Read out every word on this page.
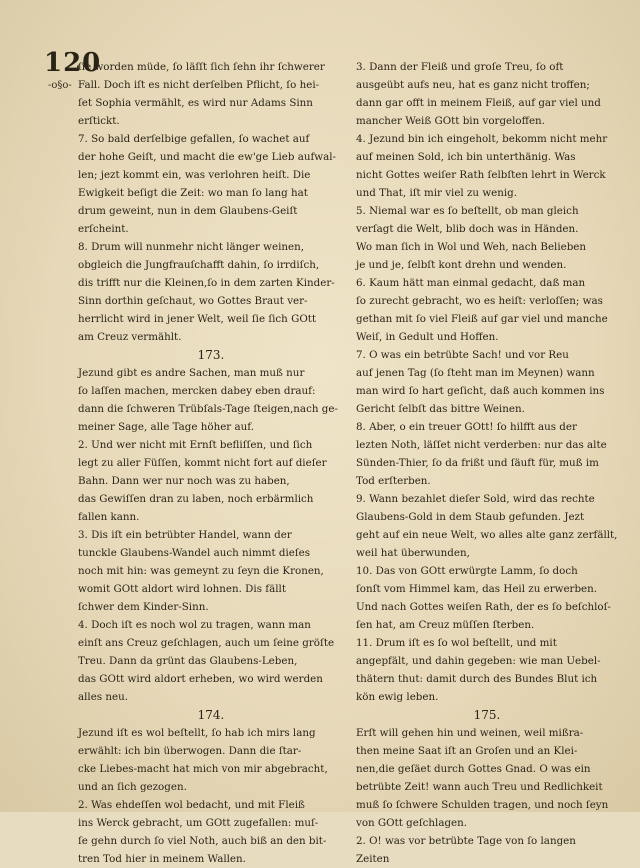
120
-o§o-
ſie worden müde, ſo läſſt ſich ſehn ihr ſchwerer
Fall. Doch iſt es nicht derſelben Pflicht, ſo hei-
ſet Sophia vermählt, es wird nur Adams Sinn
erſtickt.
7. So bald derſelbige gefallen, ſo wachet auf
der hohe Geiſt, und macht die ew'ge Lieb aufwal-
len; jezt kommt ein, was verlohren heiſt. Die
Ewigkeit beſigt die Zeit: wo man ſo lang hat
drum geweint, nun in dem Glaubens-Geiſt
erſcheint.
8. Drum will nunmehr nicht länger weinen,
obgleich die Jungfrauſchafft dahin, ſo irrdiſch,
dis trifft nur die Kleinen,ſo in dem zarten Kinder-
Sinn dorthin geſchaut, wo Gottes Braut ver-
herrlicht wird in jener Welt, weil ſie ſich GOtt
am Creuz vermählt.
173.
Jezund gibt es andre Sachen, man muß nur
ſo laſſen machen, mercken dabey eben drauf:
dann die ſchweren Trübſals-Tage ſteigen,nach ge-
meiner Sage, alle Tage höher auf.
2. Und wer nicht mit Ernſt befliſſen, und ſich
legt zu aller Füſſen, kommt nicht fort auf dieſer
Bahn. Dann wer nur noch was zu haben,
das Gewiſſen dran zu laben, noch erbärmlich
fallen kann.
3. Dis iſt ein betrübter Handel, wann der
tunckle Glaubens-Wandel auch nimmt dieſes
noch mit hin: was gemeynt zu ſeyn die Kronen,
womit GOtt aldort wird lohnen. Dis fällt
ſchwer dem Kinder-Sinn.
4. Doch iſt es noch wol zu tragen, wann man
einſt ans Creuz geſchlagen, auch um ſeine gröſte
Treu. Dann da grünt das Glaubens-Leben,
das GOtt wird aldort erheben, wo wird werden
alles neu.
174.
Jezund iſt es wol beſtellt, ſo hab ich mirs lang
erwählt: ich bin überwogen. Dann die ſtar-
cke Liebes-macht hat mich von mir abgebracht,
und an ſich gezogen.
2. Was ehdeſſen wol bedacht, und mit Fleiß
ins Werck gebracht, um GOtt zugefallen: muſ-
ſe gehn durch ſo viel Noth, auch biß an den bit-
tren Tod hier in meinem Wallen.
3. Dann der Fleiß und groſe Treu, ſo oft
ausgeübt aufs neu, hat es ganz nicht troffen;
dann gar offt in meinem Fleiß, auf gar viel und
mancher Weiß GOtt bin vorgeloffen.
4. Jezund bin ich eingeholt, bekomm nicht mehr
auf meinen Sold, ich bin unterthänig. Was
nicht Gottes weiſer Rath ſelbſten lehrt in Werck
und That, iſt mir viel zu wenig.
5. Niemal war es ſo beſtellt, ob man gleich
verſagt die Welt, blib doch was in Händen.
Wo man ſich in Wol und Weh, nach Belieben
je und je, ſelbſt kont drehn und wenden.
6. Kaum hätt man einmal gedacht, daß man
ſo zurecht gebracht, wo es heiſt: verloſſen; was
gethan mit ſo viel Fleiß auf gar viel und manche
Weiſ, in Gedult und Hoffen.
7. O was ein betrübte Sach! und vor Reu
auf jenen Tag (ſo ſteht man im Meynen) wann
man wird ſo hart geſicht, daß auch kommen ins
Gericht ſelbſt das bittre Weinen.
8. Aber, o ein treuer GOtt! ſo hilfft aus der
lezten Noth, läſſet nicht verderben: nur das alte
Sünden-Thier, ſo da frißt und ſäuft für, muß im
Tod erſterben.
9. Wann bezahlet dieſer Sold, wird das rechte
Glaubens-Gold in dem Staub gefunden. Jezt
geht auf ein neue Welt, wo alles alte ganz zerfällt,
weil hat überwunden,
10. Das von GOtt erwürgte Lamm, ſo doch
ſonſt vom Himmel kam, das Heil zu erwerben.
Und nach Gottes weiſen Rath, der es ſo beſchloſ-
ſen hat, am Creuz müſſen ſterben.
11. Drum iſt es ſo wol beſtellt, und mit
angepfält, und dahin gegeben: wie man Uebel-
thätern thut: damit durch des Bundes Blut ich
kön ewig leben.
175.
Erſt will gehen hin und weinen, weil mißra-
then meine Saat iſt an Groſen und an Klei-
nen,die geſäet durch Gottes Gnad. O was ein
betrübte Zeit! wann auch Treu und Redlichkeit
muß ſo ſchwere Schulden tragen, und noch ſeyn
von GOtt geſchlagen.
2. O! was vor betrübte Tage von ſo langen
Zeiten
